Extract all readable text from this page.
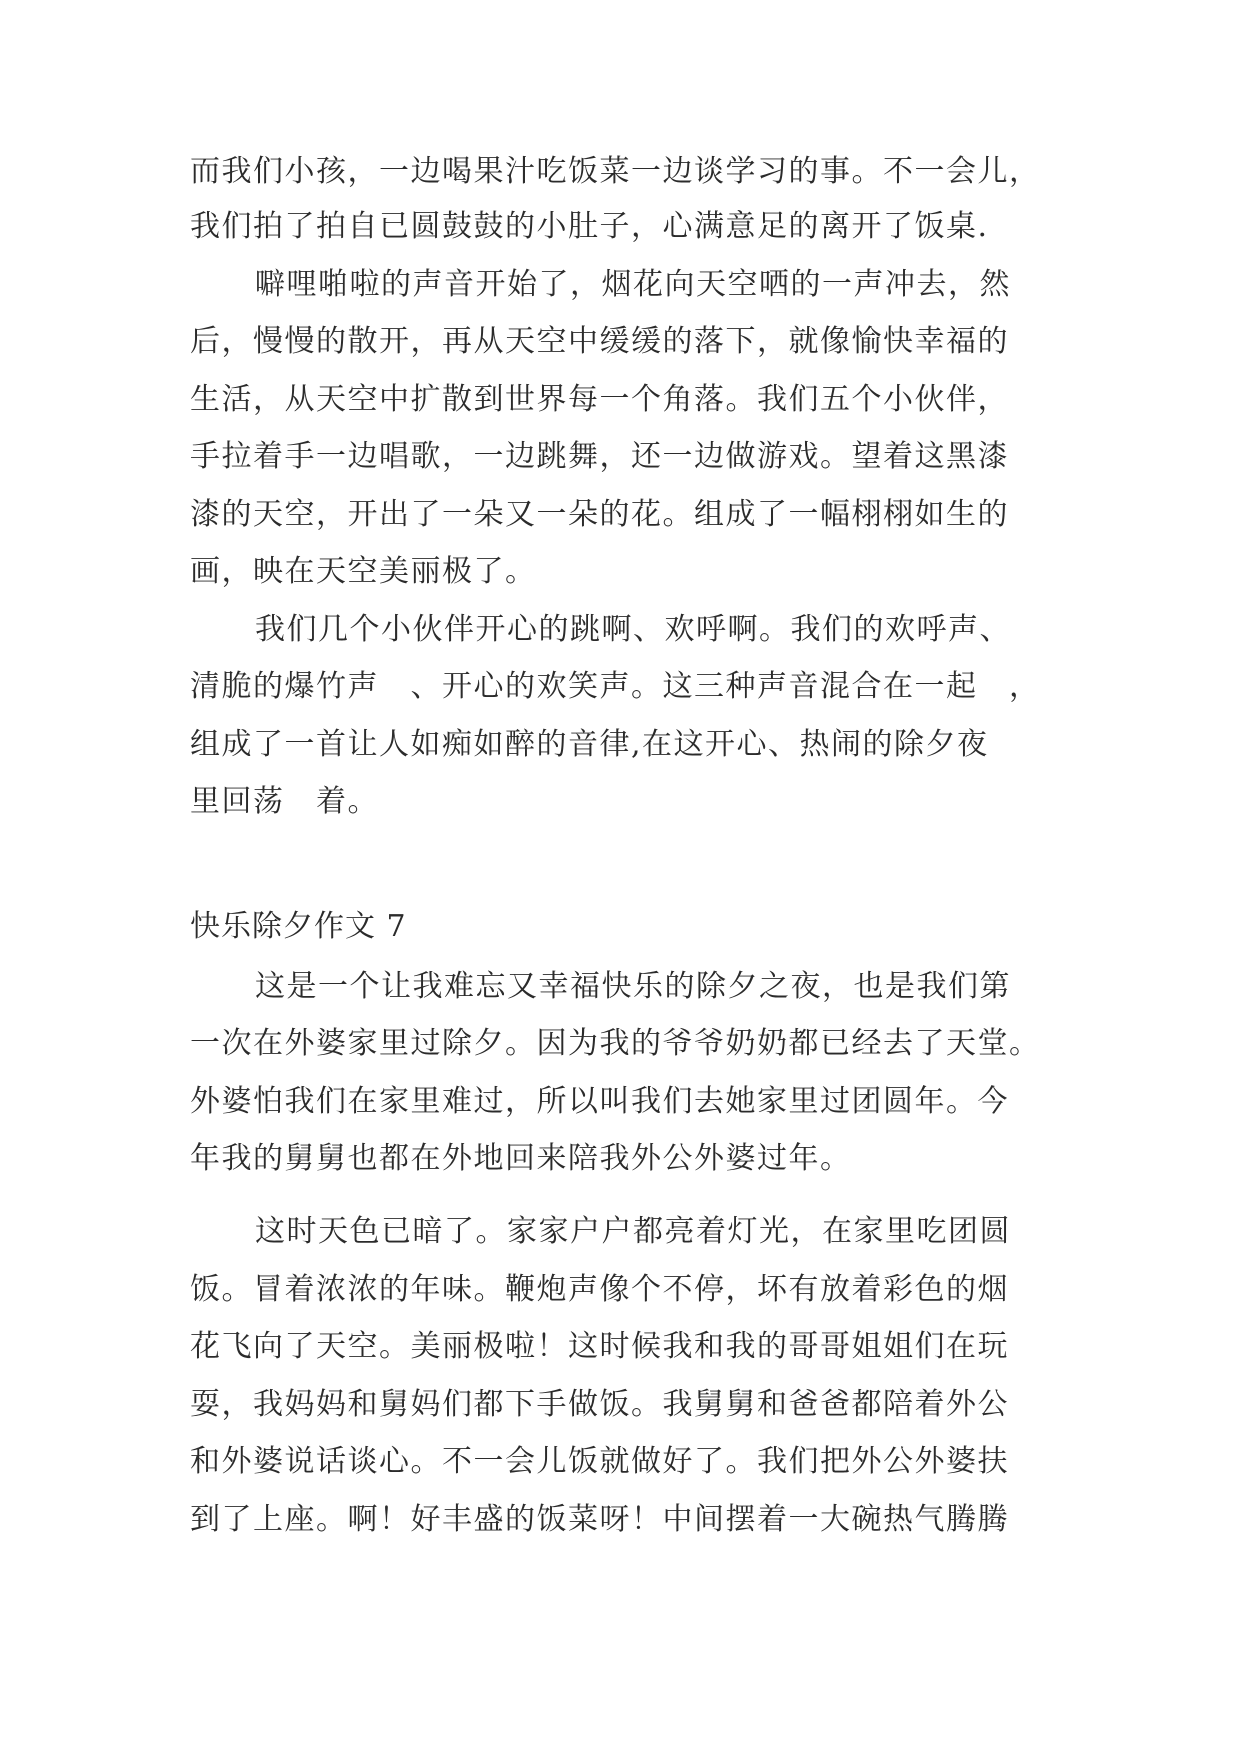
而我们小孩，一边喝果汁吃饭菜一边谈学习的事。不一会儿，
我们拍了拍自已圆鼓鼓的小肚子，心满意足的离开了饭桌.
噼哩啪啦的声音开始了，烟花向天空哂的一声冲去，然
后，慢慢的散开，再从天空中缓缓的落下，就像愉快幸福的
生活，从天空中扩散到世界每一个角落。我们五个小伙伴，
手拉着手一边唱歌，一边跳舞，还一边做游戏。望着这黑漆
漆的天空，开出了一朵又一朵的花。组成了一幅栩栩如生的
画，映在天空美丽极了。
我们几个小伙伴开心的跳啊、欢呼啊。我们的欢呼声、
清脆的爆竹声　、开心的欢笑声。这三种声音混合在一起　，
组成了一首让人如痴如醉的音律,在这开心、热闹的除夕夜
里回荡　着。
快乐除夕作文 7
这是一个让我难忘又幸福快乐的除夕之夜，也是我们第
一次在外婆家里过除夕。因为我的爷爷奶奶都已经去了天堂。
外婆怕我们在家里难过，所以叫我们去她家里过团圆年。今
年我的舅舅也都在外地回来陪我外公外婆过年。
这时天色已暗了。家家户户都亮着灯光，在家里吃团圆
饭。冒着浓浓的年味。鞭炮声像个不停，坏有放着彩色的烟
花飞向了天空。美丽极啦！这时候我和我的哥哥姐姐们在玩
耍，我妈妈和舅妈们都下手做饭。我舅舅和爸爸都陪着外公
和外婆说话谈心。不一会儿饭就做好了。我们把外公外婆扶
到了上座。啊！好丰盛的饭菜呀！中间摆着一大碗热气腾腾
